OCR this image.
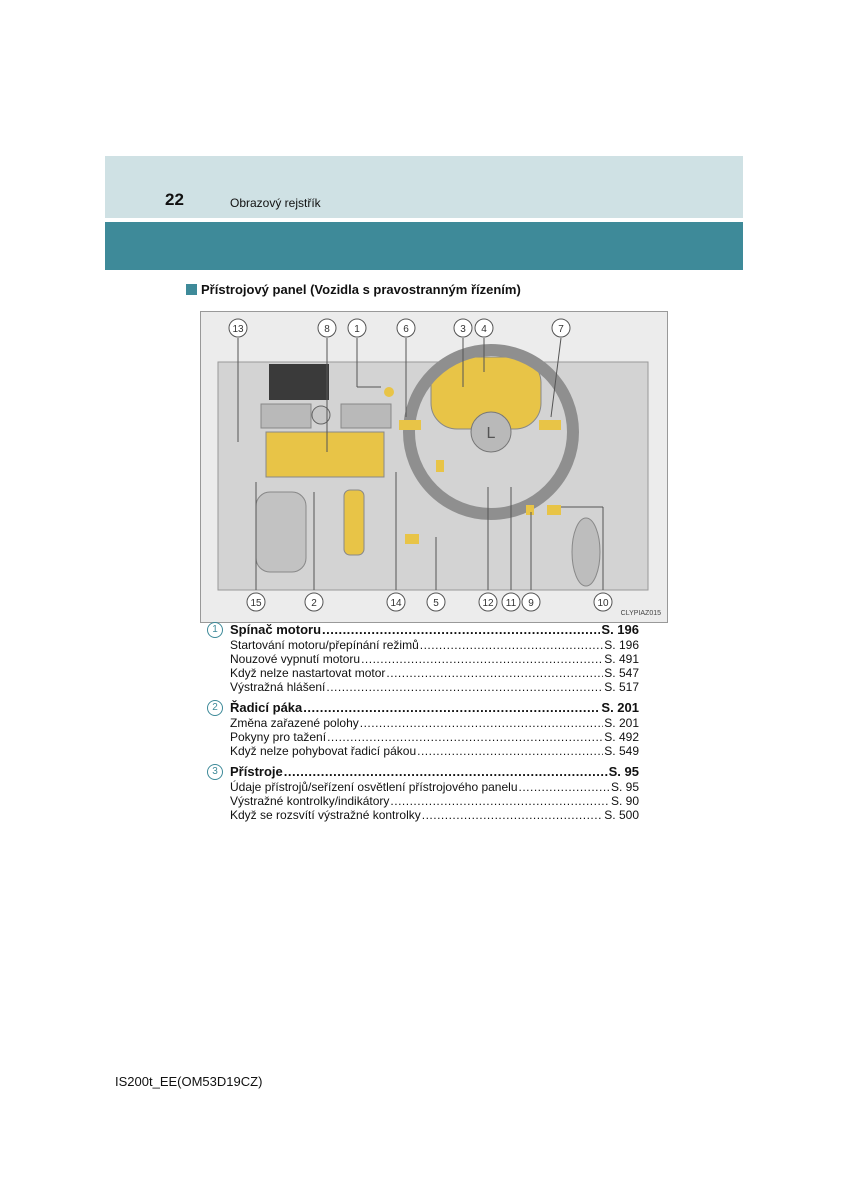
22	Obrazový rejstřík
Přístrojový panel (Vozidla s pravostranným řízením)
L
13	8 1	6	3 4	7
15	2	14	5	12 11 9	10
CLYPIAZ015
1 Spínač motoru .....	S. 196
Startování motoru/přepínání režimů .....	S. 196
Nouzové vypnutí motoru .....	S. 491
Když nelze nastartovat motor .....	S. 547
Výstražná hlášení .....	S. 517
2 Řadicí páka .....	S. 201
Změna zařazené polohy .....	S. 201
Pokyny pro tažení .....	S. 492
Když nelze pohybovat řadicí pákou .....	S. 549
3 Přístroje .....	S. 95
Údaje přístrojů/seřízení osvětlení přístrojového panelu .....	S. 95
Výstražné kontrolky/indikátory .....	S. 90
Když se rozsvítí výstražné kontrolky .....	S. 500
IS200t_EE(OM53D19CZ)
